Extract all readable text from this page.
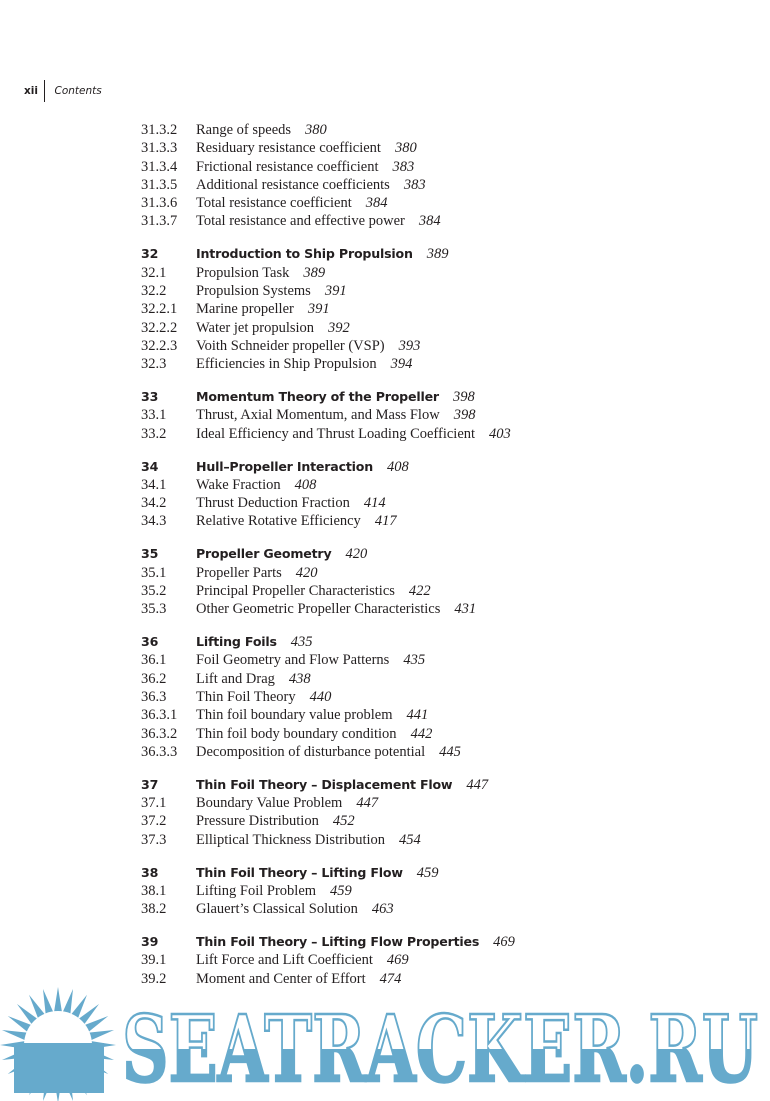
xii Contents
31.3.2	Range of speeds 380
31.3.3	Residuary resistance coefficient 380
31.3.4	Frictional resistance coefficient 383
31.3.5	Additional resistance coefficients 383
31.3.6	Total resistance coefficient 384
31.3.7	Total resistance and effective power 384
32	Introduction to Ship Propulsion 389
32.1	Propulsion Task 389
32.2	Propulsion Systems 391
32.2.1	Marine propeller 391
32.2.2	Water jet propulsion 392
32.2.3	Voith Schneider propeller (VSP) 393
32.3	Efficiencies in Ship Propulsion 394
33	Momentum Theory of the Propeller 398
33.1	Thrust, Axial Momentum, and Mass Flow 398
33.2	Ideal Efficiency and Thrust Loading Coefficient 403
34	Hull–Propeller Interaction 408
34.1	Wake Fraction 408
34.2	Thrust Deduction Fraction 414
34.3	Relative Rotative Efficiency 417
35	Propeller Geometry 420
35.1	Propeller Parts 420
35.2	Principal Propeller Characteristics 422
35.3	Other Geometric Propeller Characteristics 431
36	Lifting Foils 435
36.1	Foil Geometry and Flow Patterns 435
36.2	Lift and Drag 438
36.3	Thin Foil Theory 440
36.3.1	Thin foil boundary value problem 441
36.3.2	Thin foil body boundary condition 442
36.3.3	Decomposition of disturbance potential 445
37	Thin Foil Theory – Displacement Flow 447
37.1	Boundary Value Problem 447
37.2	Pressure Distribution 452
37.3	Elliptical Thickness Distribution 454
38	Thin Foil Theory – Lifting Flow 459
38.1	Lifting Foil Problem 459
38.2	Glauert’s Classical Solution 463
39	Thin Foil Theory – Lifting Flow Properties 469
39.1	Lift Force and Lift Coefficient 469
39.2	Moment and Center of Effort 474
SEATRACKER.RU
